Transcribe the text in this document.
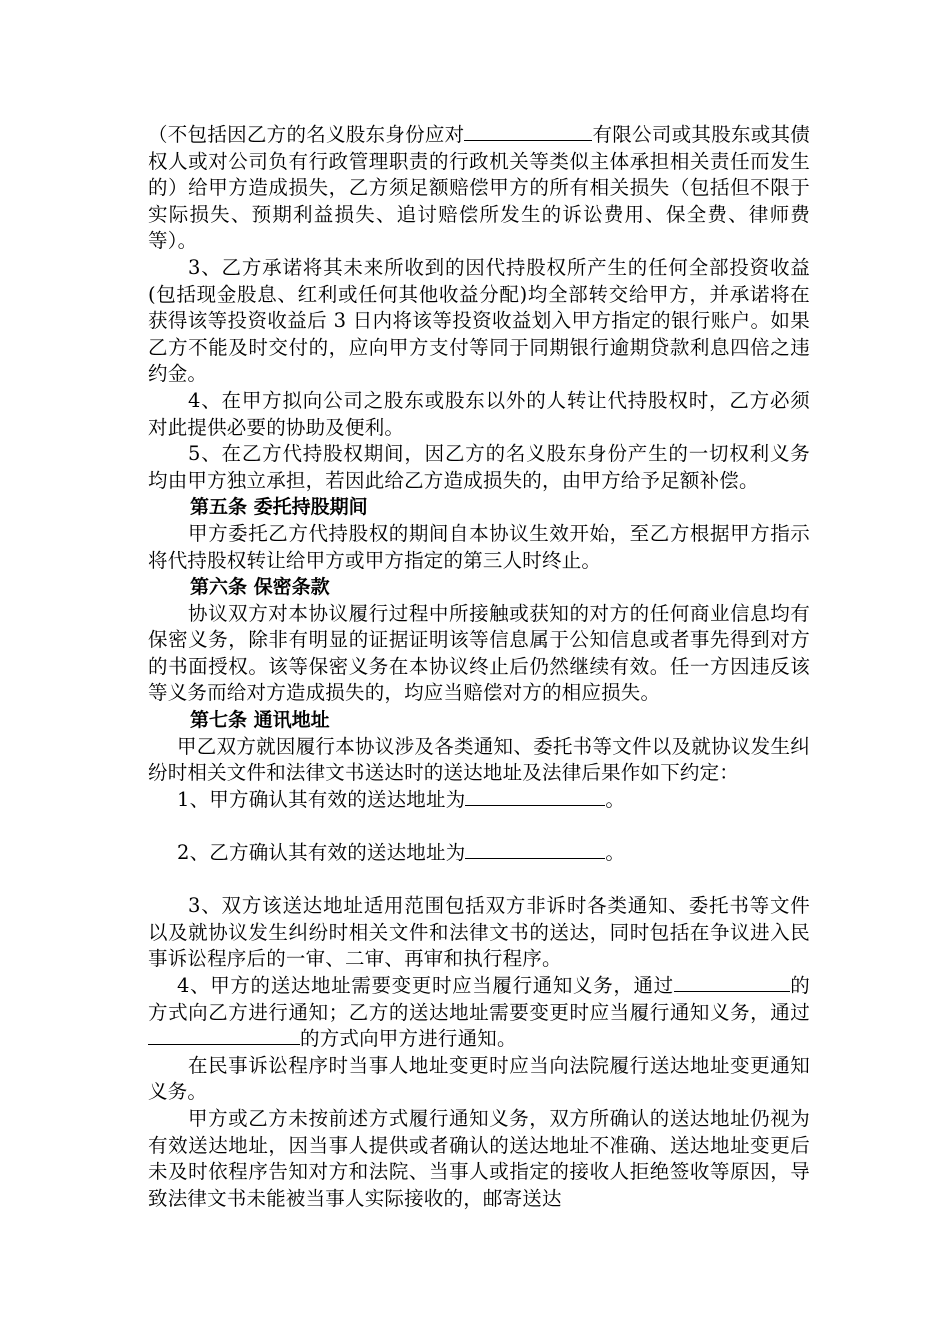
（不包括因乙方的名义股东身份应对	有限公司或其股东或其债权人或对公司负有行政管理职责的行政机关等类似主体承担相关责任而发生的）给甲方造成损失，乙方须足额赔偿甲方的所有相关损失（包括但不限于实际损失、预期利益损失、追讨赔偿所发生的诉讼费用、保全费、律师费等）。

3、乙方承诺将其未来所收到的因代持股权所产生的任何全部投资收益(包括现金股息、红利或任何其他收益分配)均全部转交给甲方，并承诺将在获得该等投资收益后 3 日内将该等投资收益划入甲方指定的银行账户。如果乙方不能及时交付的，应向甲方支付等同于同期银行逾期贷款利息四倍之违约金。

4、在甲方拟向公司之股东或股东以外的人转让代持股权时，乙方必须对此提供必要的协助及便利。

5、在乙方代持股权期间，因乙方的名义股东身份产生的一切权利义务均由甲方独立承担，若因此给乙方造成损失的，由甲方给予足额补偿。

第五条 委托持股期间

甲方委托乙方代持股权的期间自本协议生效开始，至乙方根据甲方指示将代持股权转让给甲方或甲方指定的第三人时终止。

第六条 保密条款

协议双方对本协议履行过程中所接触或获知的对方的任何商业信息均有保密义务，除非有明显的证据证明该等信息属于公知信息或者事先得到对方的书面授权。该等保密义务在本协议终止后仍然继续有效。任一方因违反该等义务而给对方造成损失的，均应当赔偿对方的相应损失。

第七条 通讯地址

甲乙双方就因履行本协议涉及各类通知、委托书等文件以及就协议发生纠纷时相关文件和法律文书送达时的送达地址及法律后果作如下约定：

1、甲方确认其有效的送达地址为	。

2、乙方确认其有效的送达地址为	。

3、双方该送达地址适用范围包括双方非诉时各类通知、委托书等文件以及就协议发生纠纷时相关文件和法律文书的送达，同时包括在争议进入民事诉讼程序后的一审、二审、再审和执行程序。

4、甲方的送达地址需要变更时应当履行通知义务，通过	的方式向乙方进行通知；乙方的送达地址需要变更时应当履行通知义务，通过的方式向甲方进行通知。

在民事诉讼程序时当事人地址变更时应当向法院履行送达地址变更通知义务。

甲方或乙方未按前述方式履行通知义务，双方所确认的送达地址仍视为有效送达地址，因当事人提供或者确认的送达地址不准确、送达地址变更后未及时依程序告知对方和法院、当事人或指定的接收人拒绝签收等原因，导致法律文书未能被当事人实际接收的，邮寄送达
